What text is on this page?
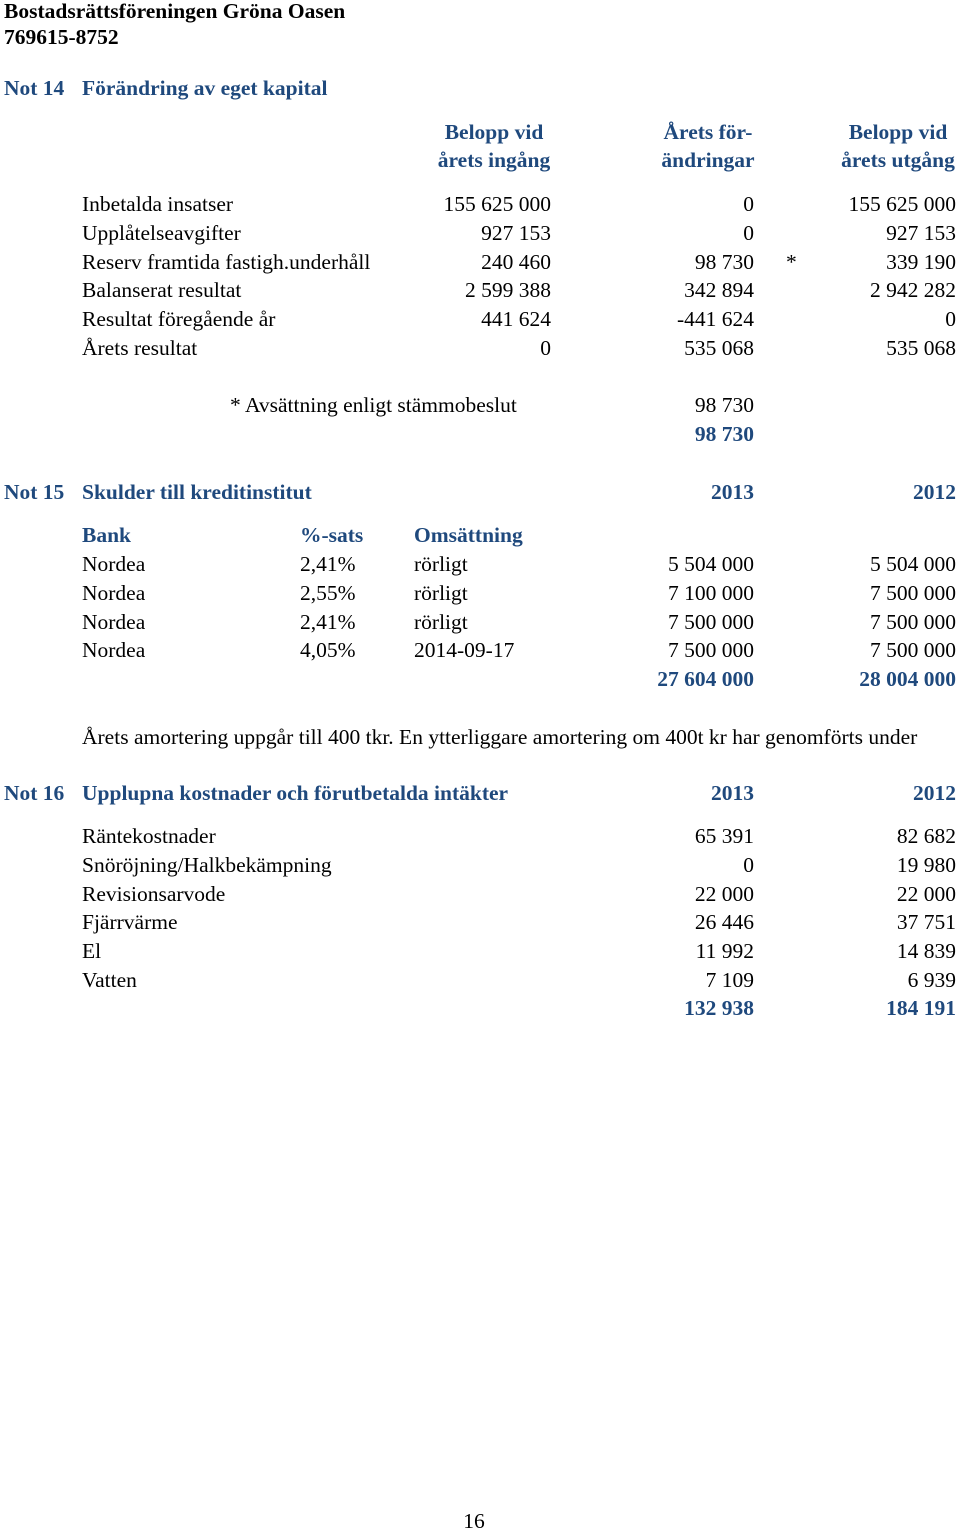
Bostadsrättsföreningen Gröna Oasen
769615-8752
Not 14 Förändring av eget kapital
Belopp vid
årets ingång
Årets för-
ändringar
Belopp vid
årets utgång
Inbetalda insatser	155 625 000	0	155 625 000
Upplåtelseavgifter	927 153	0	927 153
Reserv framtida fastigh.underhåll	240 460	98 730 *	339 190
Balanserat resultat	2 599 388	342 894	2 942 282
Resultat föregående år	441 624	-441 624	0
Årets resultat	0	535 068	535 068
* Avsättning enligt stämmobeslut	98 730
98 730
Not 15 Skulder till kreditinstitut	2013	2012
Bank	%-sats Omsättning
Nordea	2,41%	rörligt	5 504 000	5 504 000
Nordea	2,55%	rörligt	7 100 000	7 500 000
Nordea	2,41%	rörligt	7 500 000	7 500 000
Nordea	4,05%	2014-09-17	7 500 000	7 500 000
27 604 000	28 004 000
Årets amortering uppgår till 400 tkr. En ytterliggare amortering om 400t kr har genomförts under
Not 16 Upplupna kostnader och förutbetalda intäkter	2013	2012
Räntekostnader	65 391	82 682
Snöröjning/Halkbekämpning	0	19 980
Revisionsarvode	22 000	22 000
Fjärrvärme	26 446	37 751
El	11 992	14 839
Vatten	7 109	6 939
132 938	184 191
16
